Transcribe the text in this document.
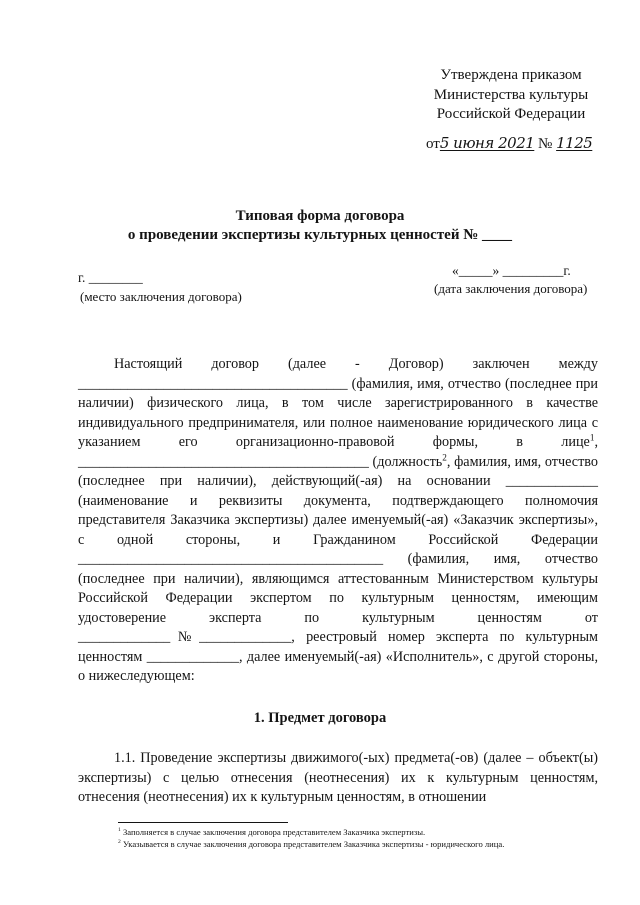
Утверждена приказом
Министерства культуры
Российской Федерации
от5 июня 2021 № 1125
Типовая форма договора
о проведении экспертизы культурных ценностей № ____
г. ________
(место заключения договора)
«_____» _________г.
(дата заключения договора)

Настоящий договор (далее - Договор) заключен между ______________________________________ (фамилия, имя, отчество (последнее при наличии) физического лица, в том числе зарегистрированного в качестве индивидуального предпринимателя, или полное наименование юридического лица с указанием его организационно-правовой формы, в лице$^1$, _________________________________________ (должность$^2$, фамилия, имя, отчество (последнее при наличии), действующий(-ая) на основании _____________ (наименование и реквизиты документа, подтверждающего полномочия представителя Заказчика экспертизы) далее именуемый(-ая) «Заказчик экспертизы», с одной стороны, и Гражданином Российской Федерации ___________________________________________ (фамилия, имя, отчество (последнее при наличии), являющимся аттестованным Министерством культуры Российской Федерации экспертом по культурным ценностям, имеющим удостоверение эксперта по культурным ценностям от _____________№_____________, реестровый номер эксперта по культурным ценностям _____________, далее именуемый(-ая) «Исполнитель», с другой стороны, о нижеследующем:

1. Предмет договора
1.1. Проведение экспертизы движимого(-ых) предмета(-ов) (далее – объект(ы) экспертизы) с целью отнесения (неотнесения) их к культурным ценностям, отнесения (неотнесения) их к культурным ценностям, в отношении
$^1$ Заполняется в случае заключения договора представителем Заказчика экспертизы.
$^2$ Указывается в случае заключения договора представителем Заказчика экспертизы - юридического лица.
